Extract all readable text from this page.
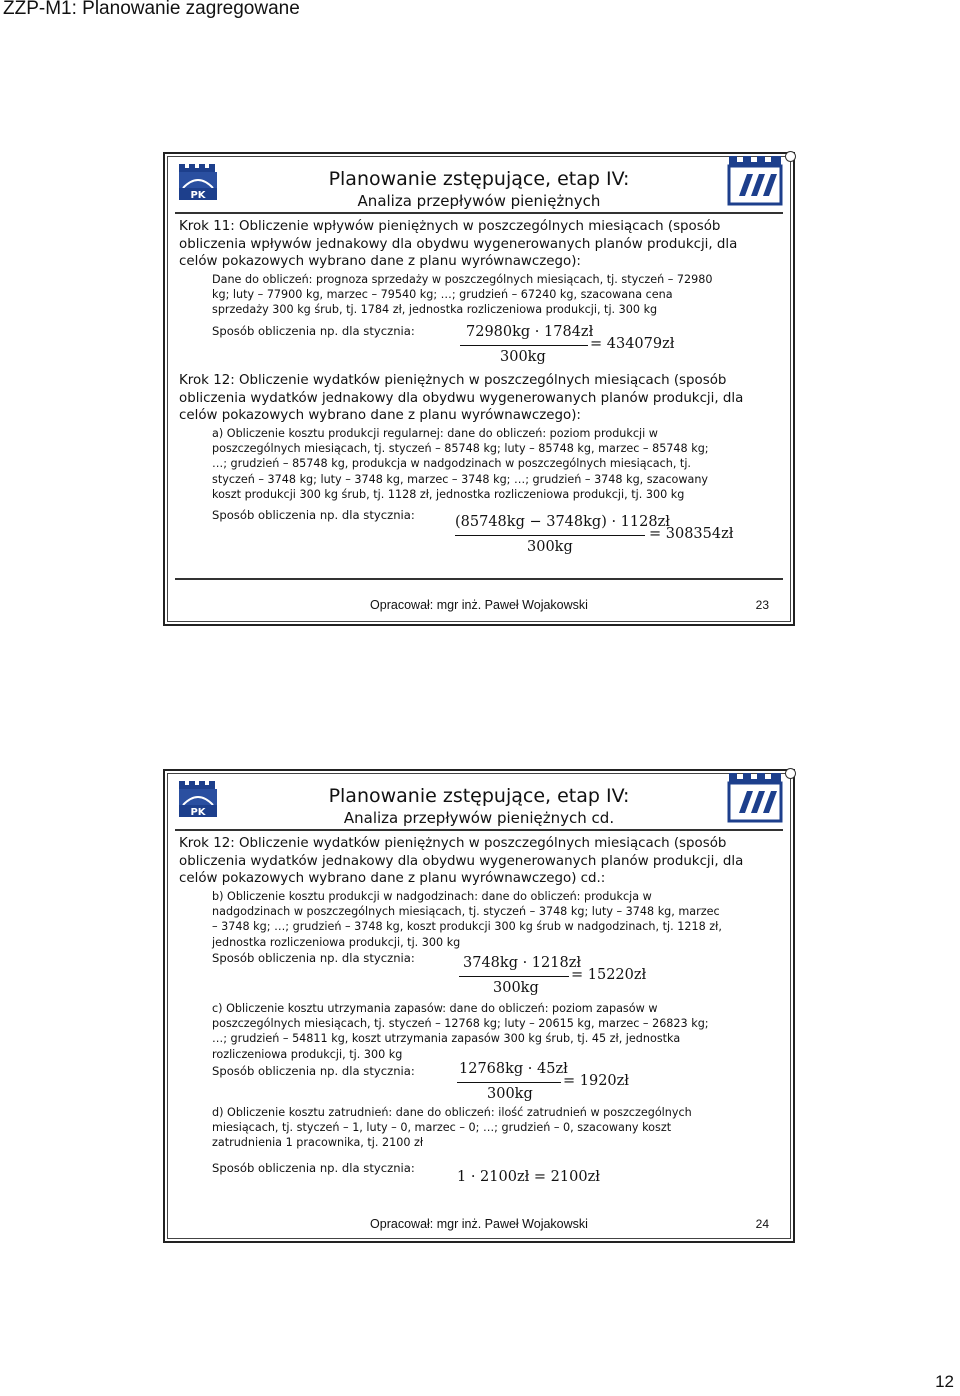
ZZP-M1: Planowanie zagregowane
PK
Planowanie zstępujące, etap IV:
Analiza przepływów pieniężnych
Krok 11: Obliczenie wpływów pieniężnych w poszczególnych miesiącach (sposób
obliczenia wpływów jednakowy dla obydwu wygenerowanych planów produkcji, dla
celów pokazowych wybrano dane z planu wyrównawczego):
Dane do obliczeń: prognoza sprzedaży w poszczególnych miesiącach, tj. styczeń – 72980
kg; luty – 77900 kg, marzec – 79540 kg; …; grudzień – 67240 kg, szacowana cena
sprzedaży 300 kg śrub, tj. 1784 zł, jednostka rozliczeniowa produkcji, tj. 300 kg
Sposób obliczenia np. dla stycznia:	72980kg · 1784zł
300kg
= 434079zł
Krok 12: Obliczenie wydatków pieniężnych w poszczególnych miesiącach (sposób
obliczenia wydatków jednakowy dla obydwu wygenerowanych planów produkcji, dla
celów pokazowych wybrano dane z planu wyrównawczego):
a) Obliczenie kosztu produkcji regularnej: dane do obliczeń: poziom produkcji w
poszczególnych miesiącach, tj. styczeń – 85748 kg; luty – 85748 kg, marzec – 85748 kg;
…; grudzień – 85748 kg, produkcja w nadgodzinach w poszczególnych miesiącach, tj.
styczeń – 3748 kg; luty – 3748 kg, marzec – 3748 kg; …; grudzień – 3748 kg, szacowany
koszt produkcji 300 kg śrub, tj. 1128 zł, jednostka rozliczeniowa produkcji, tj. 300 kg
Sposób obliczenia np. dla stycznia:	(85748kg − 3748kg) · 1128zł
300kg
= 308354zł
Opracował: mgr inż. Paweł Wojakowski	23
PK
Planowanie zstępujące, etap IV:
Analiza przepływów pieniężnych cd.
Krok 12: Obliczenie wydatków pieniężnych w poszczególnych miesiącach (sposób
obliczenia wydatków jednakowy dla obydwu wygenerowanych planów produkcji, dla
celów pokazowych wybrano dane z planu wyrównawczego) cd.:
b) Obliczenie kosztu produkcji w nadgodzinach: dane do obliczeń: produkcja w
nadgodzinach w poszczególnych miesiącach, tj. styczeń – 3748 kg; luty – 3748 kg, marzec
– 3748 kg; …; grudzień – 3748 kg, koszt produkcji 300 kg śrub w nadgodzinach, tj. 1218 zł,
jednostka rozliczeniowa produkcji, tj. 300 kg
Sposób obliczenia np. dla stycznia:	3748kg · 1218zł
300kg
= 15220zł
c) Obliczenie kosztu utrzymania zapasów: dane do obliczeń: poziom zapasów w
poszczególnych miesiącach, tj. styczeń – 12768 kg; luty – 20615 kg, marzec – 26823 kg;
…; grudzień – 54811 kg, koszt utrzymania zapasów 300 kg śrub, tj. 45 zł, jednostka
rozliczeniowa produkcji, tj. 300 kg
Sposób obliczenia np. dla stycznia:	12768kg · 45zł
300kg
= 1920zł
d) Obliczenie kosztu zatrudnień: dane do obliczeń: ilość zatrudnień w poszczególnych
miesiącach, tj. styczeń – 1, luty – 0, marzec – 0; …; grudzień – 0, szacowany koszt
zatrudnienia 1 pracownika, tj. 2100 zł
Sposób obliczenia np. dla stycznia:
1 · 2100zł = 2100zł
Opracował: mgr inż. Paweł Wojakowski	24
12
